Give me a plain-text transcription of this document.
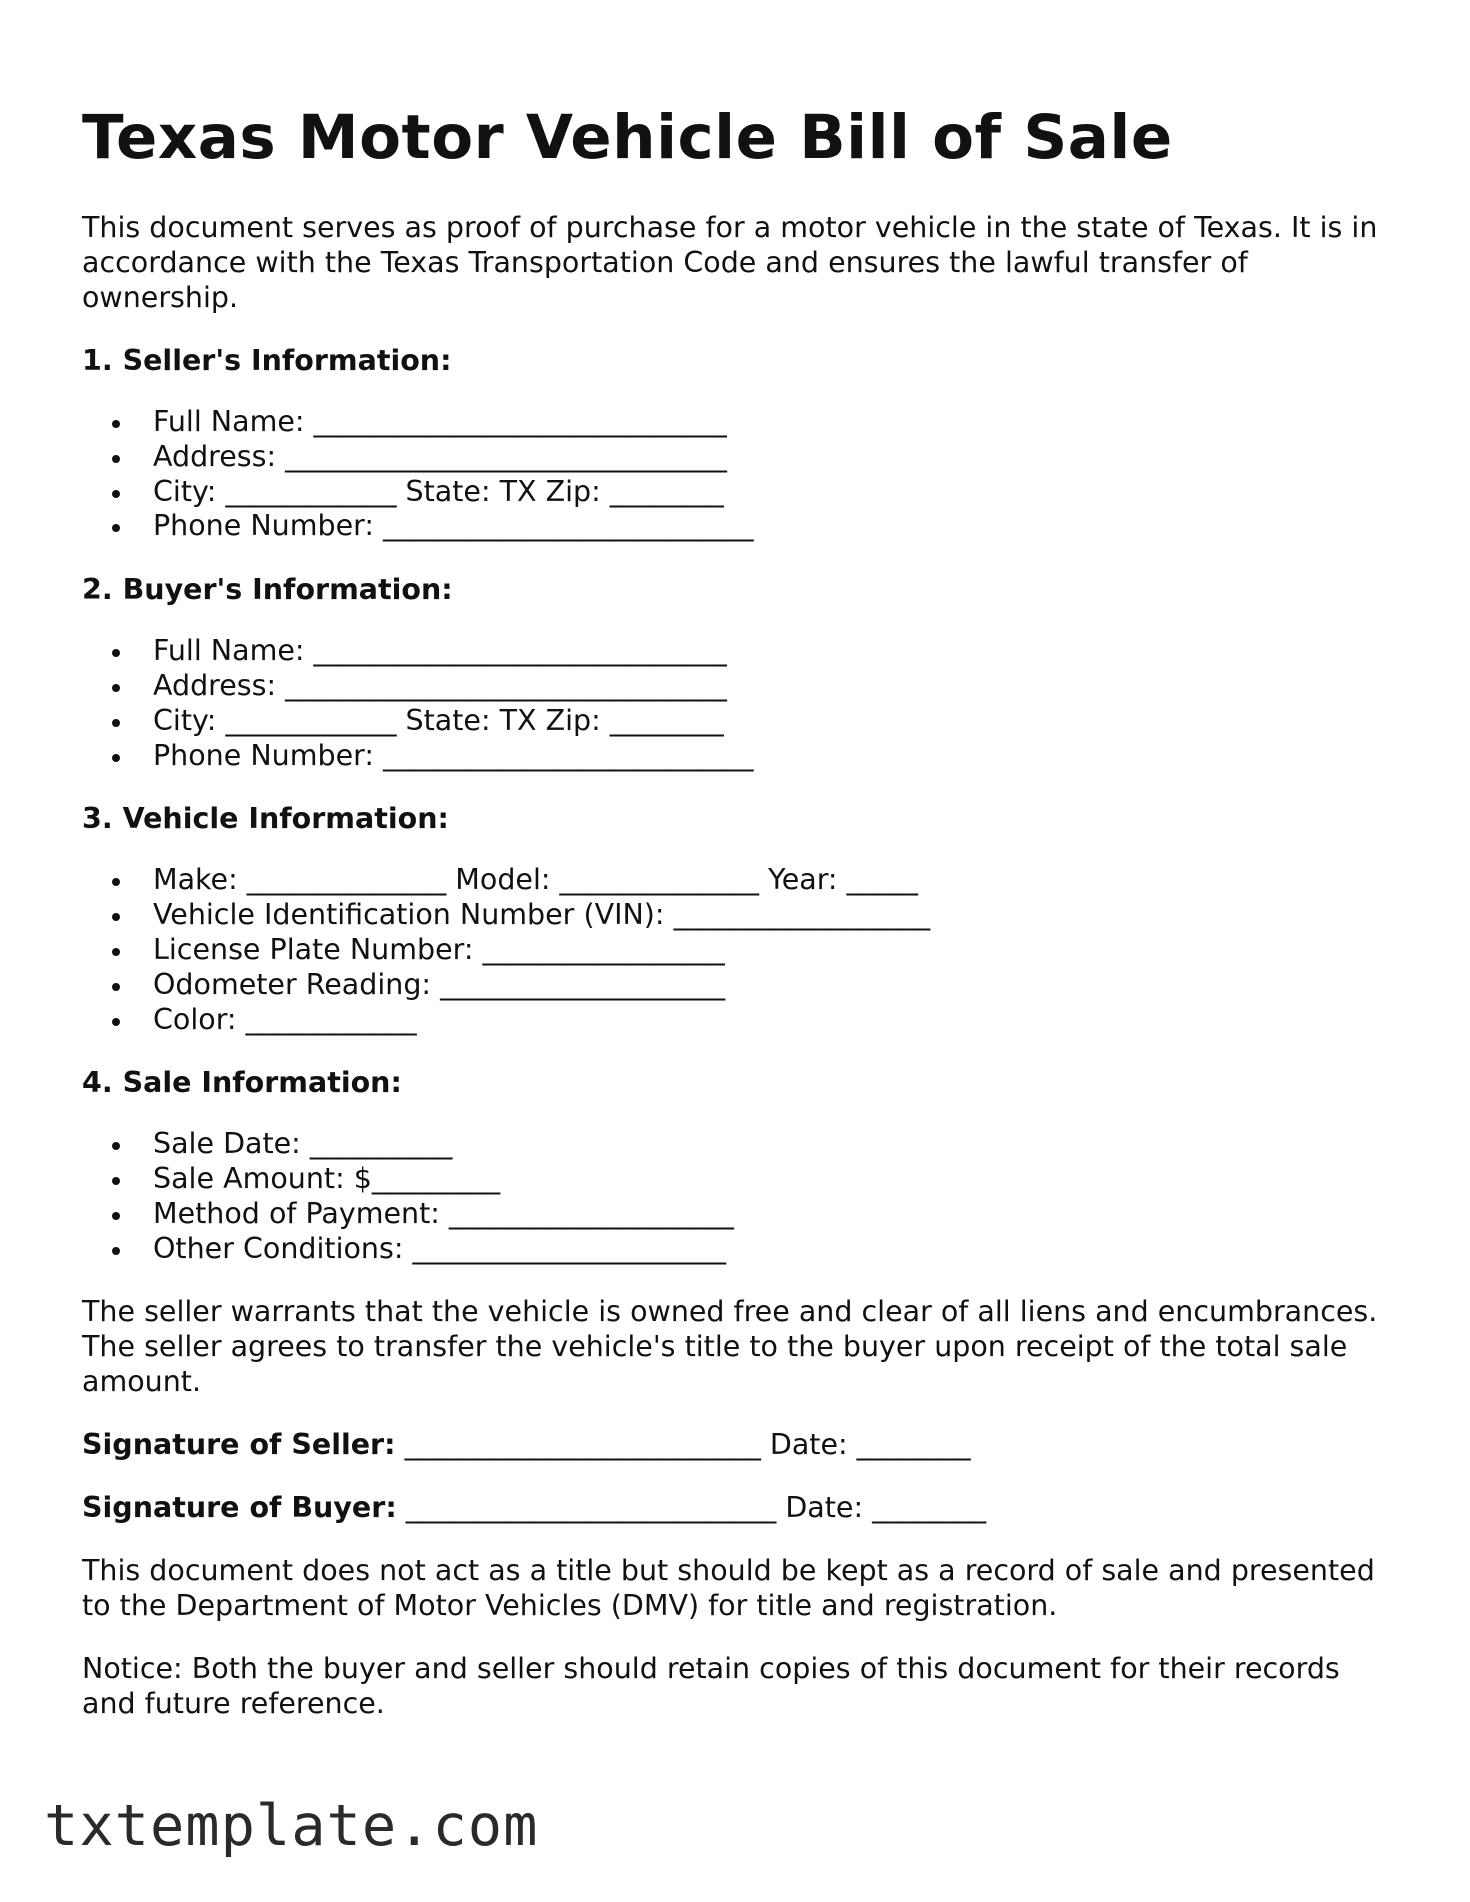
Texas Motor Vehicle Bill of Sale

This document serves as proof of purchase for a motor vehicle in the state of Texas. It is in accordance with the Texas Transportation Code and ensures the lawful transfer of ownership.

1. Seller's Information:
Full Name: _____________________________
Address: _______________________________
City: ____________ State: TX Zip: ________
Phone Number: __________________________
2. Buyer's Information:
Full Name: _____________________________
Address: _______________________________
City: ____________ State: TX Zip: ________
Phone Number: __________________________
3. Vehicle Information:
Make: ______________ Model: ______________ Year: _____
Vehicle Identification Number (VIN): __________________
License Plate Number: _________________
Odometer Reading: ____________________
Color: ____________
4. Sale Information:
Sale Date: __________
Sale Amount: $_________
Method of Payment: ____________________
Other Conditions: ______________________

The seller warrants that the vehicle is owned free and clear of all liens and encumbrances. The seller agrees to transfer the vehicle's title to the buyer upon receipt of the total sale amount.

Signature of Seller: _________________________ Date: ________

Signature of Buyer: __________________________ Date: ________

This document does not act as a title but should be kept as a record of sale and presented to the Department of Motor Vehicles (DMV) for title and registration.

Notice: Both the buyer and seller should retain copies of this document for their records and future reference.

txtemplate.com
